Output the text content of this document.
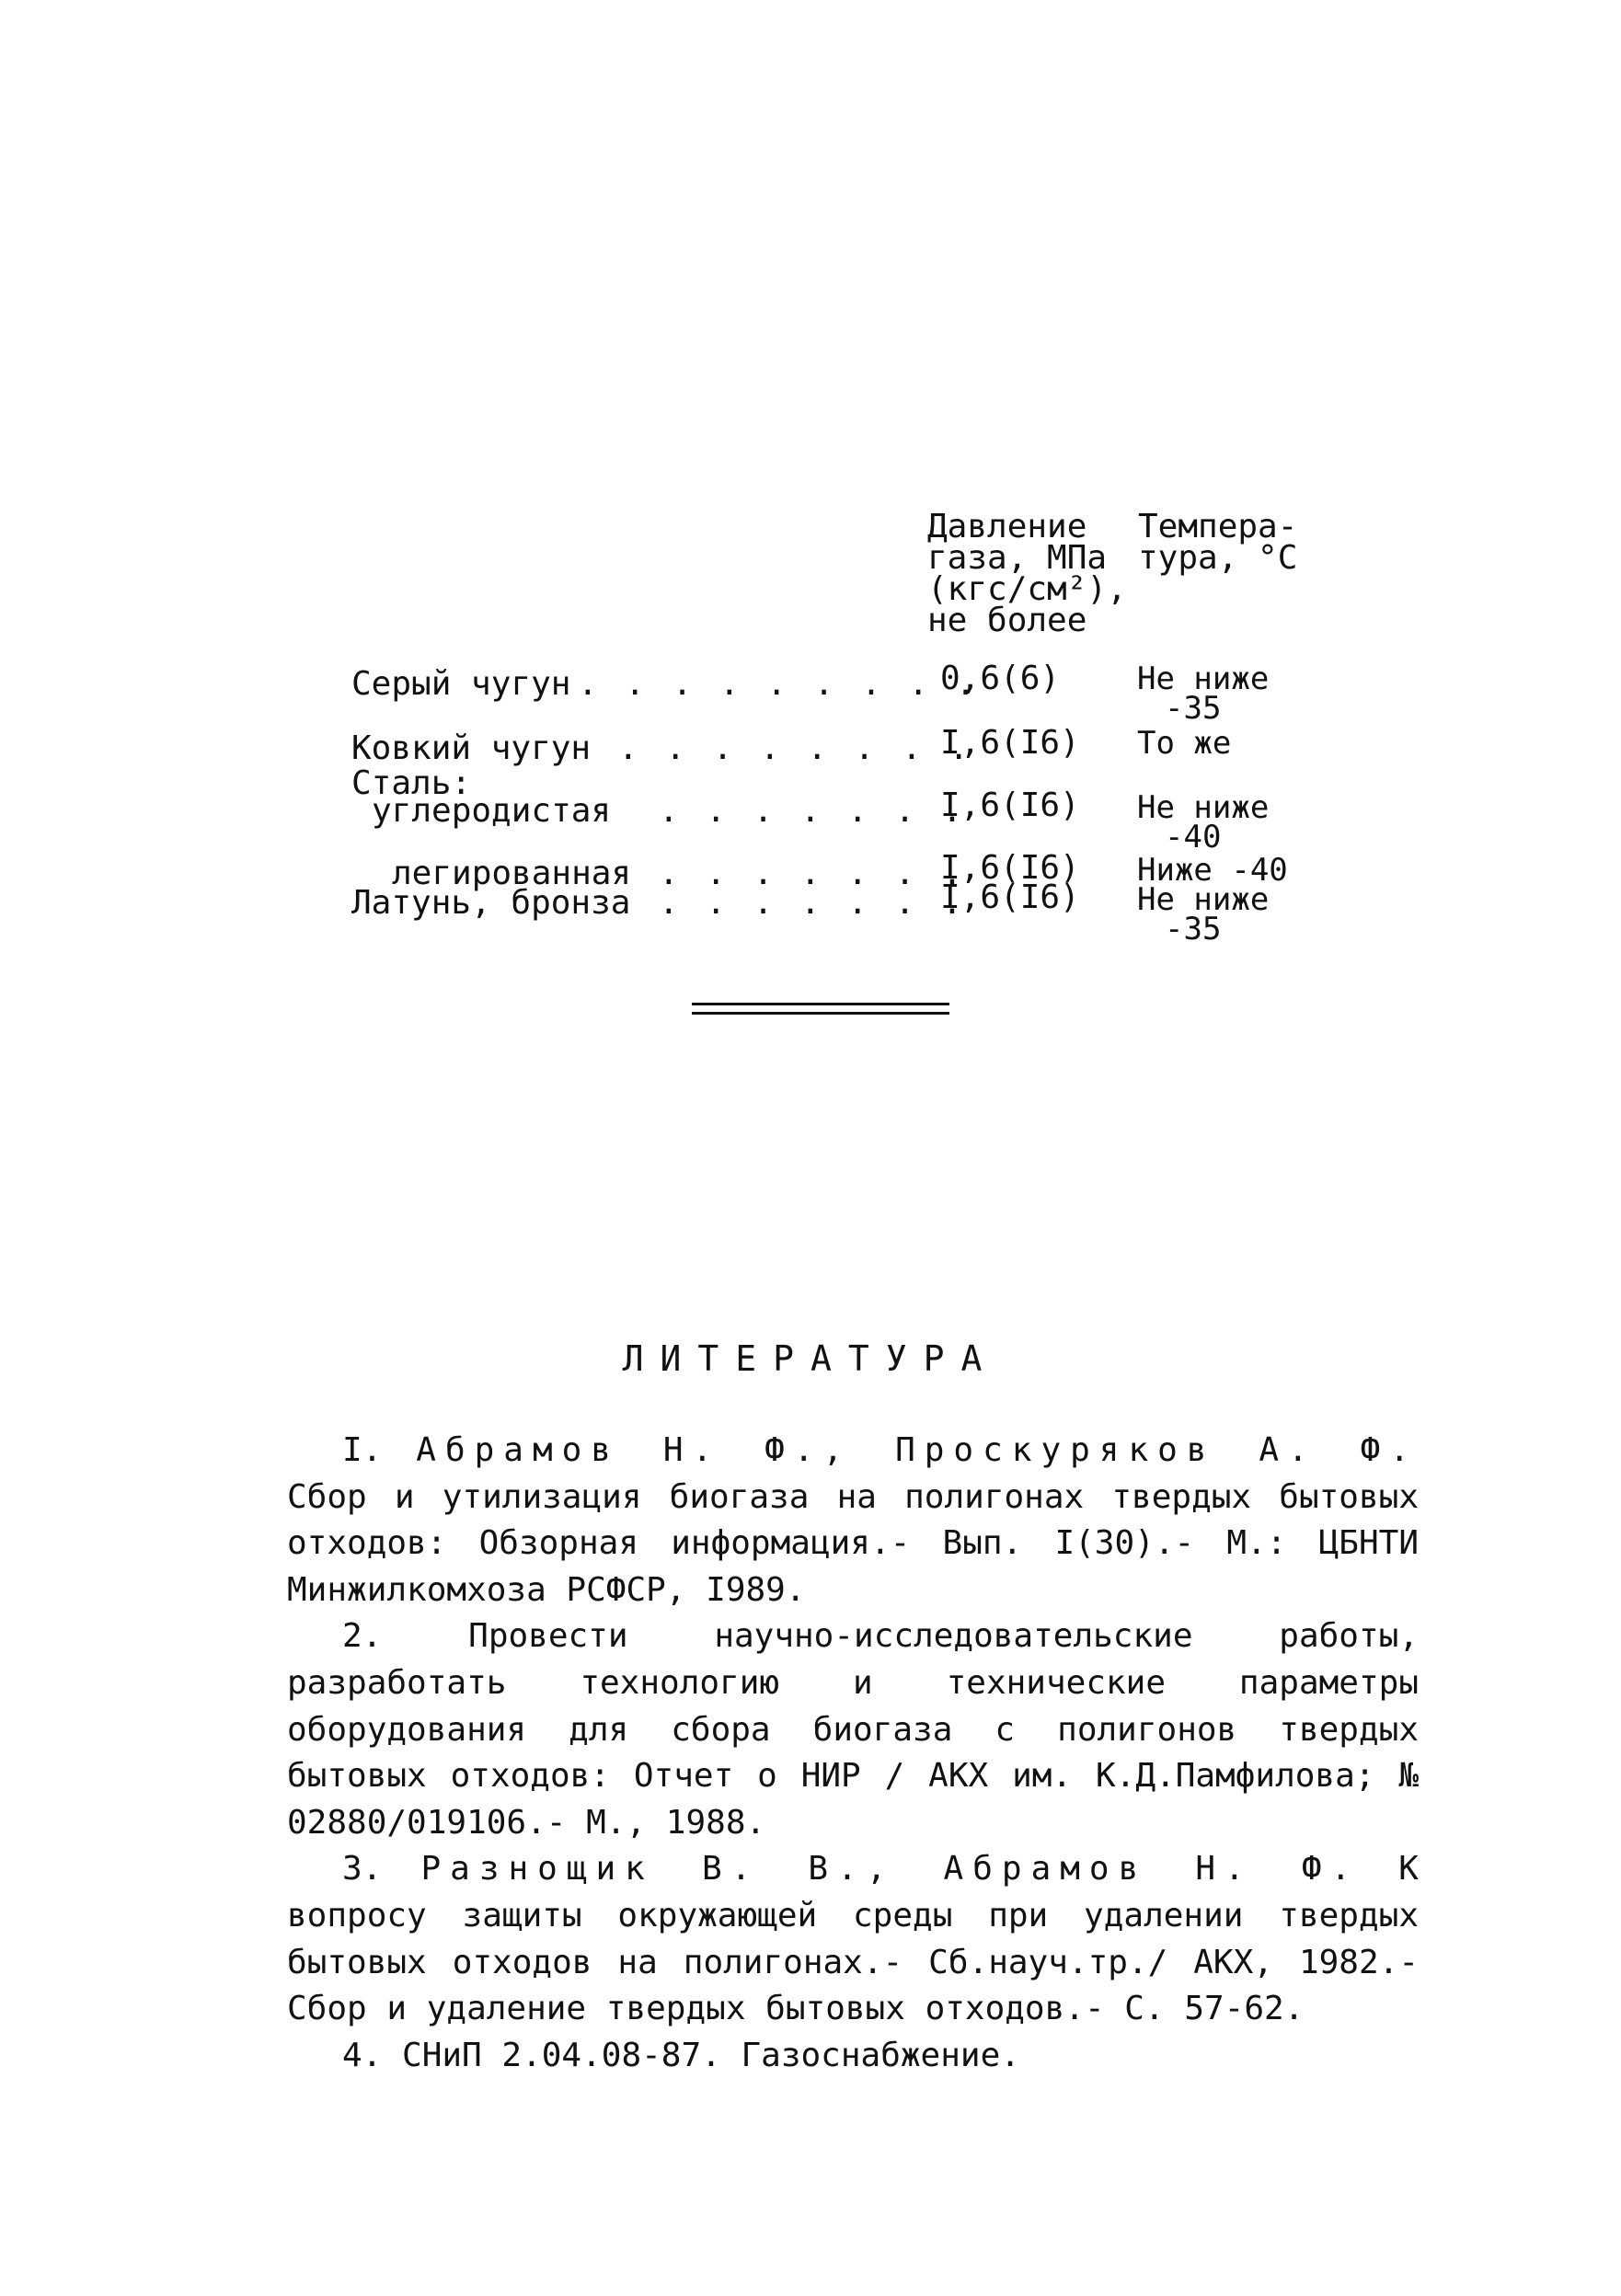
Давление
газа, МПа
(кгс/см²),
не более
Темпера-
тура, °С
Серый чугун . . . . . . . . .
0,6(6) Не ниже
-35
Ковкий чугун . . . . . . . .
I,6(I6) То же
Сталь:
углеродистая . . . . . . .
I,6(I6) Не ниже
-40
легированная . . . . . . .
I,6(I6) Ниже -40
Латунь, бронза . . . . . . .
I,6(I6) Не ниже
-35
ЛИТЕРАТУРА

I. Абрамов Н. Ф., Проскуряков А. Ф. Сбор и утилизация биогаза на полигонах твердых бытовых отходов: Обзорная информация.- Вып. I(30).- М.: ЦБНТИ Минжилкомхоза РСФСР, I989.

2. Провести научно-исследовательские работы, разработать технологию и технические параметры оборудования для сбора биогаза с полигонов твердых бытовых отходов: Отчет о НИР / АКХ им. К.Д.Памфилова; № 02880/019106.- М., 1988.

3. Разнощик В. В., Абрамов Н. Ф. К вопросу защиты окружающей среды при удалении твердых бытовых отходов на полигонах.- Сб.науч.тр./ АКХ, 1982.- Сбор и удаление твердых бытовых отходов.- С. 57-62.

4. СНиП 2.04.08-87. Газоснабжение.
